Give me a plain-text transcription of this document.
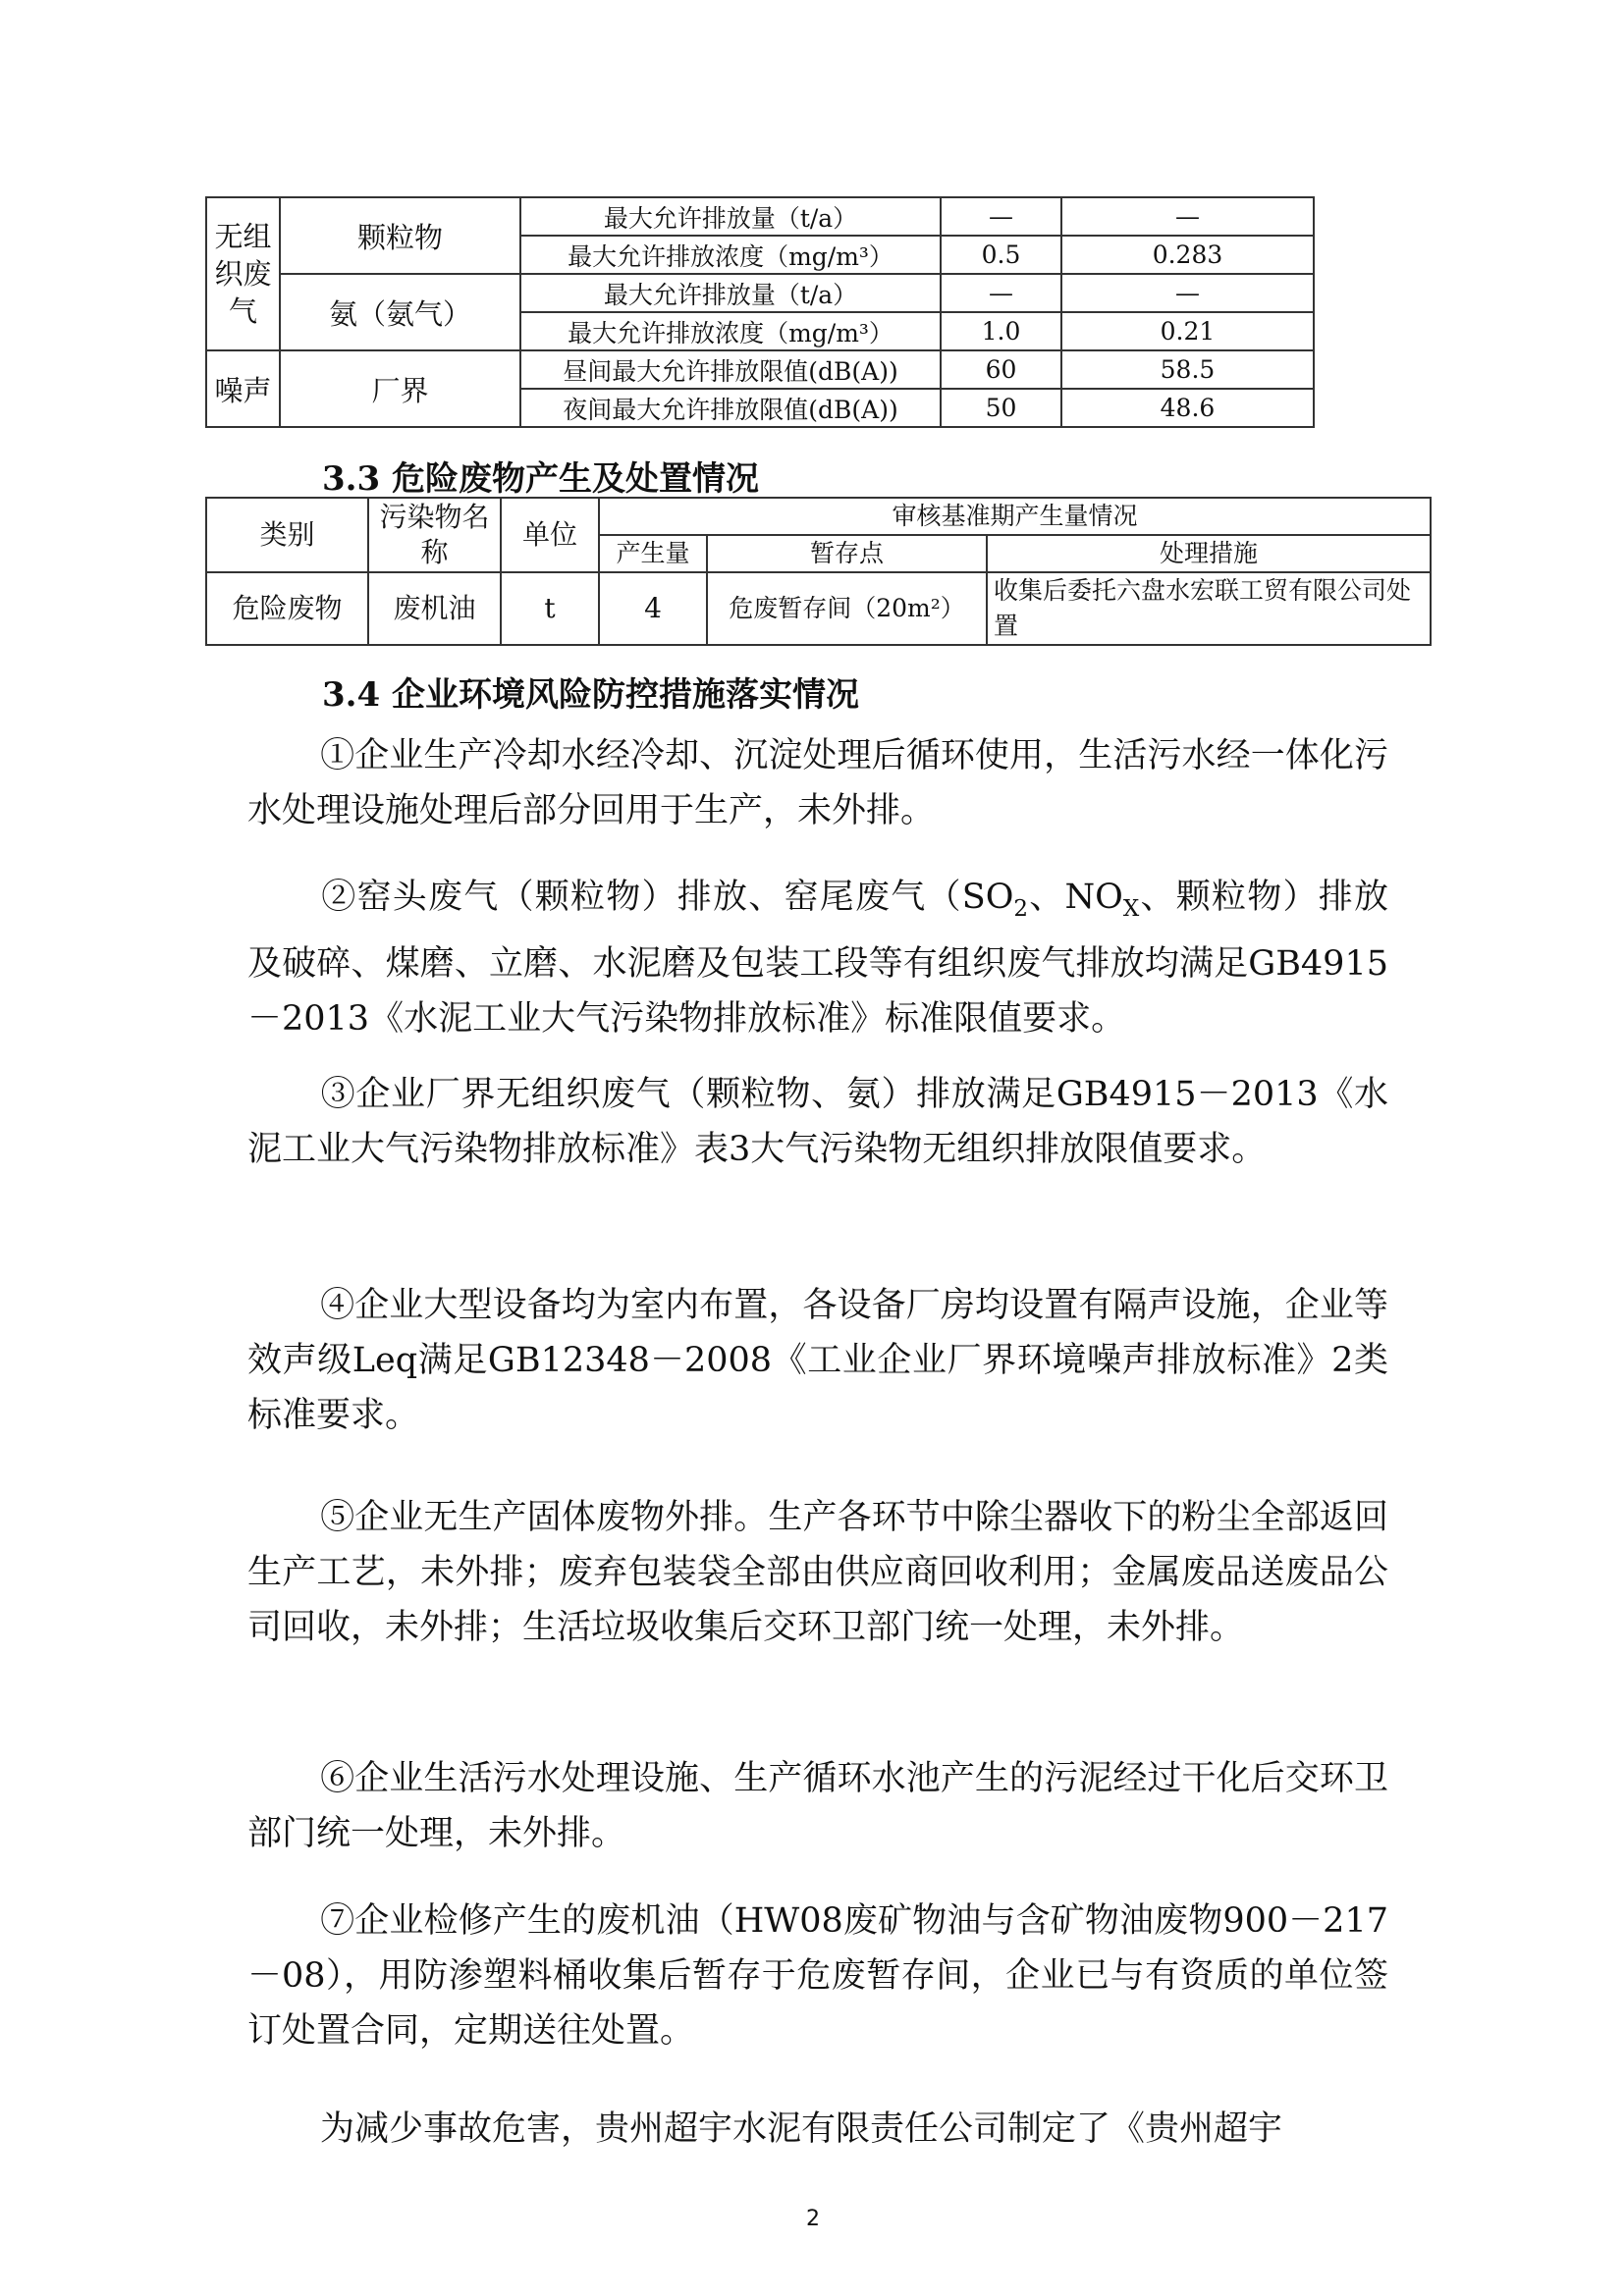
无组织废气	颗粒物	最大允许排放量（t/a）	—	—	
		最大允许排放浓度（mg/m³）	0.5	0.283	
	氨（氨气）	最大允许排放量（t/a）	—	—	
		最大允许排放浓度（mg/m³）	1.0	0.21	
噪声	厂界	昼间最大允许排放限值(dB(A))	60	58.5	
		夜间最大允许排放限值(dB(A))	50	48.6	
3.3 危险废物产生及处置情况
类别	污染物名称	单位	审核基准期产生量情况		
			产生量	暂存点	处理措施
危险废物	废机油	t	4	危废暂存间（20m²）	收集后委托六盘水宏联工贸有限公司处置
3.4 企业环境风险防控措施落实情况
①企业生产冷却水经冷却、沉淀处理后循环使用，生活污水经一体化污水处理设施处理后部分回用于生产，未外排。
②窑头废气（颗粒物）排放、窑尾废气（$SO_2$、$NO_X$、颗粒物）排放及破碎、煤磨、立磨、水泥磨及包装工段等有组织废气排放均满足GB4915－2013《水泥工业大气污染物排放标准》标准限值要求。
③企业厂界无组织废气（颗粒物、氨）排放满足GB4915－2013《水泥工业大气污染物排放标准》表3大气污染物无组织排放限值要求。
④企业大型设备均为室内布置，各设备厂房均设置有隔声设施，企业等效声级Leq满足GB12348－2008《工业企业厂界环境噪声排放标准》2类标准要求。
⑤企业无生产固体废物外排。生产各环节中除尘器收下的粉尘全部返回生产工艺，未外排；废弃包装袋全部由供应商回收利用；金属废品送废品公司回收，未外排；生活垃圾收集后交环卫部门统一处理，未外排。
⑥企业生活污水处理设施、生产循环水池产生的污泥经过干化后交环卫部门统一处理，未外排。
⑦企业检修产生的废机油（HW08废矿物油与含矿物油废物900－217－08），用防渗塑料桶收集后暂存于危废暂存间，企业已与有资质的单位签订处置合同，定期送往处置。
为减少事故危害，贵州超宇水泥有限责任公司制定了《贵州超宇
2
